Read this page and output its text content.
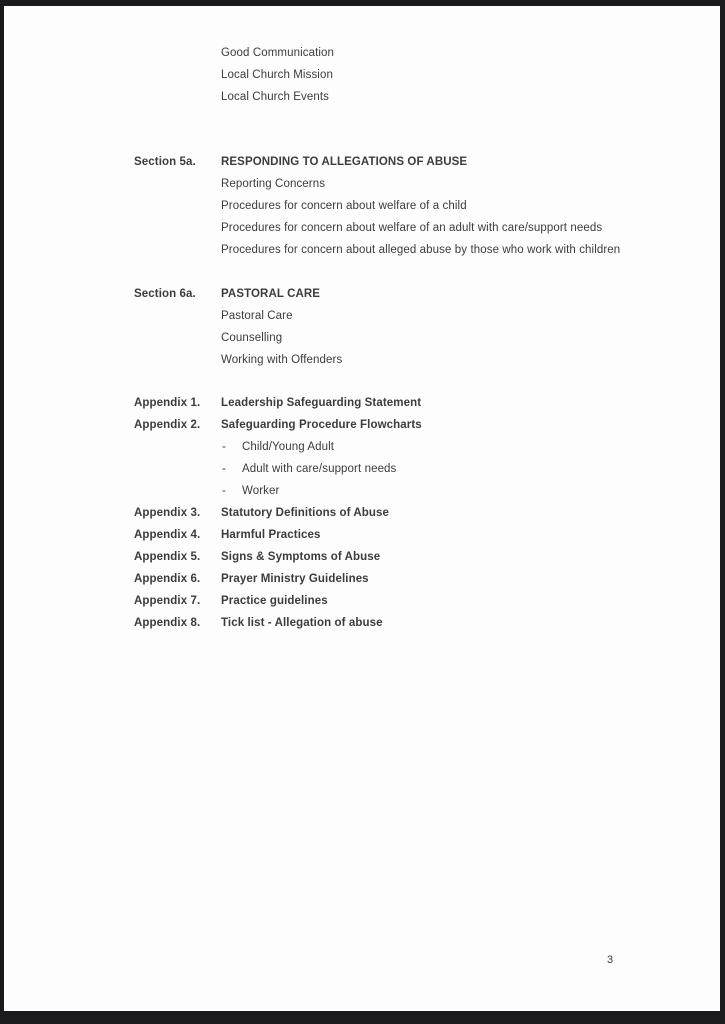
Good Communication
Local Church Mission
Local Church Events
Section 5a.	RESPONDING TO ALLEGATIONS OF ABUSE
Reporting Concerns
Procedures for concern about welfare of a child
Procedures for concern about welfare of an adult with care/support needs
Procedures for concern about alleged abuse by those who work with children
Section 6a.	PASTORAL CARE
Pastoral Care
Counselling
Working with Offenders
Appendix 1.	Leadership Safeguarding Statement
Appendix 2.	Safeguarding Procedure Flowcharts
-	Child/Young Adult
-	Adult with care/support needs
-	Worker
Appendix 3.	Statutory Definitions of Abuse
Appendix 4.	Harmful Practices
Appendix 5.	Signs & Symptoms of Abuse
Appendix 6.	Prayer Ministry Guidelines
Appendix 7.	Practice guidelines
Appendix 8.	Tick list - Allegation of abuse
3
